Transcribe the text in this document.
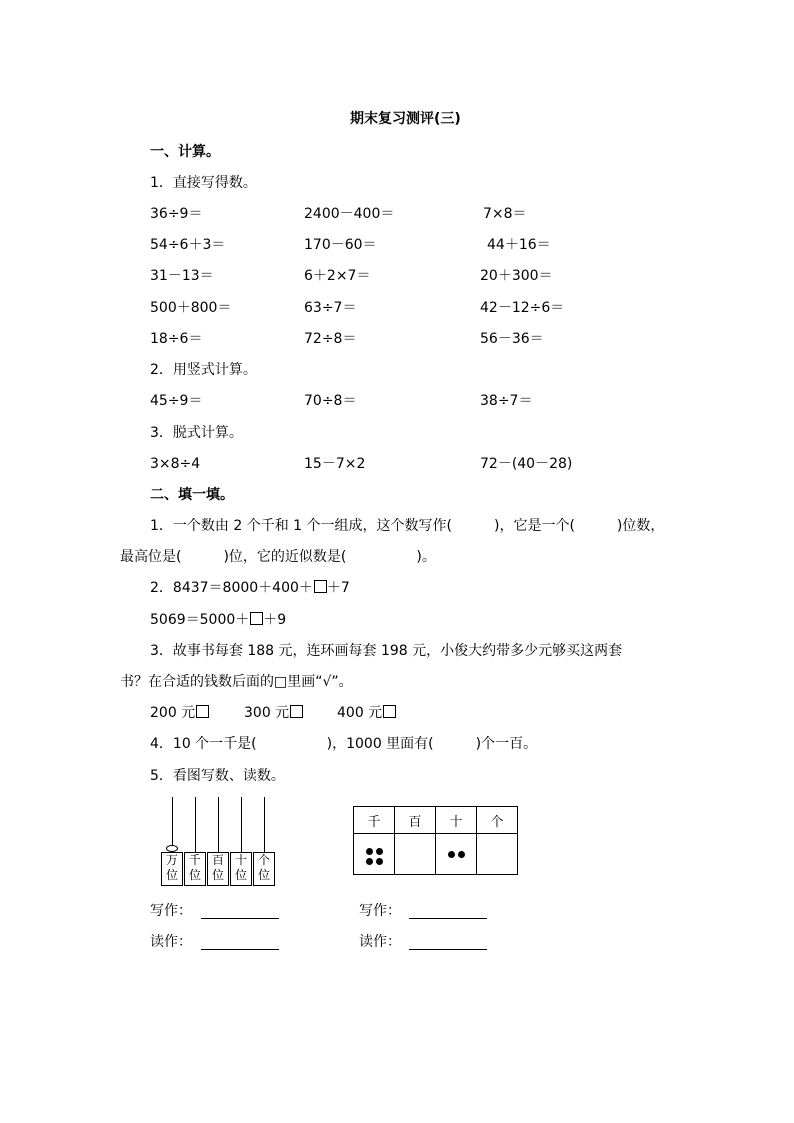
期末复习测评(三)
一、计算。
1．直接写得数。
36÷9＝	2400－400＝	7×8＝
54÷6＋3＝	170－60＝	44＋16＝
31－13＝	6＋2×7＝	20＋300＝
500＋800＝	63÷7＝	42－12÷6＝
18÷6＝	72÷8＝	56－36＝
2．用竖式计算。
45÷9＝	70÷8＝	38÷7＝
3．脱式计算。
3×8÷4	15－7×2	72－(40－28)
二、填一填。
1．一个数由 2 个千和 1 个一组成，这个数写作(　　　)，它是一个(　　　)位数，
最高位是(　　　)位，它的近似数是(　　　　　)。
2．8437＝8000＋400＋ ＋7
5069＝5000＋ ＋9
3．故事书每套 188 元，连环画每套 198 元，小俊大约带多少元够买这两套
书？在合适的钱数后面的□里画“√”。
200 元	300 元	400 元
4．10 个一千是(　　　　　)，1000 里面有(　　　)个一百。
5．看图写数、读数。
万
位
千
位
百
位
十
位
个
位
千	百	十	个

写作：
读作：
写作：
读作：
